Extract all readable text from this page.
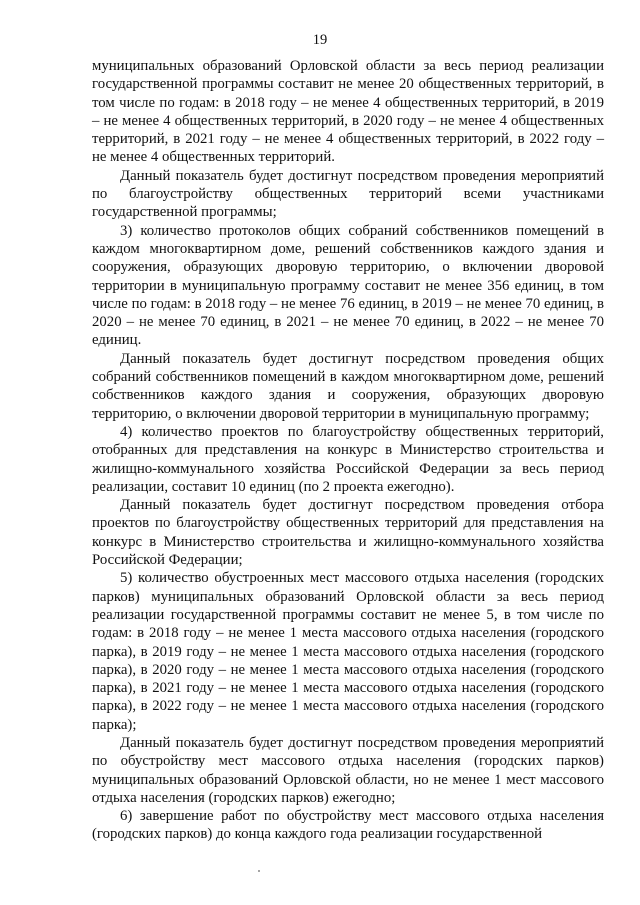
19

муниципальных образований Орловской области за весь период реализации государственной программы составит не менее 20 общественных территорий, в том числе по годам: в 2018 году – не менее 4 общественных территорий, в 2019 – не менее 4 общественных территорий, в 2020 году – не менее 4 общественных территорий, в 2021 году – не менее 4 общественных территорий, в 2022 году – не менее 4 общественных территорий.

Данный показатель будет достигнут посредством проведения мероприятий по благоустройству общественных территорий всеми участниками государственной программы;

3) количество протоколов общих собраний собственников помещений в каждом многоквартирном доме, решений собственников каждого здания и сооружения, образующих дворовую территорию, о включении дворовой территории в муниципальную программу составит не менее 356 единиц, в том числе по годам: в 2018 году – не менее 76 единиц, в 2019 – не менее 70 единиц, в 2020 – не менее 70 единиц, в 2021 – не менее 70 единиц, в 2022 – не менее 70 единиц.

Данный показатель будет достигнут посредством проведения общих собраний собственников помещений в каждом многоквартирном доме, решений собственников каждого здания и сооружения, образующих дворовую территорию, о включении дворовой территории в муниципальную программу;

4) количество проектов по благоустройству общественных территорий, отобранных для представления на конкурс в Министерство строительства и жилищно-коммунального хозяйства Российской Федерации за весь период реализации, составит 10 единиц (по 2 проекта ежегодно).

Данный показатель будет достигнут посредством проведения отбора проектов по благоустройству общественных территорий для представления на конкурс в Министерство строительства и жилищно-коммунального хозяйства Российской Федерации;

5) количество обустроенных мест массового отдыха населения (городских парков) муниципальных образований Орловской области за весь период реализации государственной программы составит не менее 5, в том числе по годам: в 2018 году – не менее 1 места массового отдыха населения (городского парка), в 2019 году – не менее 1 места массового отдыха населения (городского парка), в 2020 году – не менее 1 места массового отдыха населения (городского парка), в 2021 году – не менее 1 места массового отдыха населения (городского парка), в 2022 году – не менее 1 места массового отдыха населения (городского парка);

Данный показатель будет достигнут посредством проведения мероприятий по обустройству мест массового отдыха населения (городских парков) муниципальных образований Орловской области, но не менее 1 мест массового отдыха населения (городских парков) ежегодно;

6) завершение работ по обустройству мест массового отдыха населения (городских парков) до конца каждого года реализации государственной
